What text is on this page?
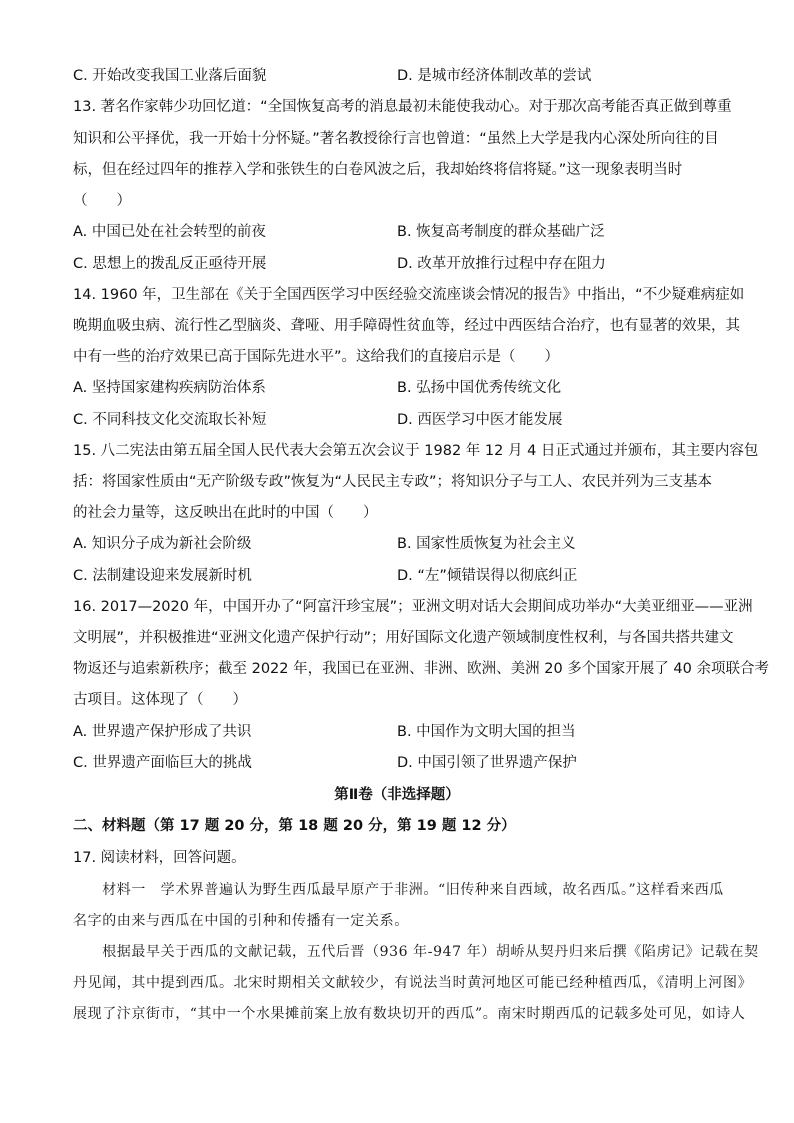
C. 开始改变我国工业落后面貌	D. 是城市经济体制改革的尝试
13. 著名作家韩少功回忆道：“全国恢复高考的消息最初未能使我动心。对于那次高考能否真正做到尊重
知识和公平择优，我一开始十分怀疑。”著名教授徐行言也曾道：“虽然上大学是我内心深处所向往的目
标，但在经过四年的推荐入学和张铁生的白卷风波之后，我却始终将信将疑。”这一现象表明当时
（　　）
A. 中国已处在社会转型的前夜	B. 恢复高考制度的群众基础广泛
C. 思想上的拨乱反正亟待开展	D. 改革开放推行过程中存在阻力
14. 1960 年，卫生部在《关于全国西医学习中医经验交流座谈会情况的报告》中指出，“不少疑难病症如
晚期血吸虫病、流行性乙型脑炎、聋哑、用手障碍性贫血等，经过中西医结合治疗，也有显著的效果，其
中有一些的治疗效果已高于国际先进水平”。这给我们的直接启示是（　　）
A. 坚持国家建构疾病防治体系	B. 弘扬中国优秀传统文化
C. 不同科技文化交流取长补短	D. 西医学习中医才能发展
15. 八二宪法由第五届全国人民代表大会第五次会议于 1982 年 12 月 4 日正式通过并颁布，其主要内容包
括：将国家性质由“无产阶级专政”恢复为“人民民主专政”；将知识分子与工人、农民并列为三支基本
的社会力量等，这反映出在此时的中国（　　）
A. 知识分子成为新社会阶级	B. 国家性质恢复为社会主义
C. 法制建设迎来发展新时机	D. “左”倾错误得以彻底纠正
16. 2017—2020 年，中国开办了“阿富汗珍宝展”；亚洲文明对话大会期间成功举办“大美亚细亚——亚洲
文明展”，并积极推进“亚洲文化遗产保护行动”；用好国际文化遗产领域制度性权利，与各国共搭共建文
物返还与追索新秩序；截至 2022 年，我国已在亚洲、非洲、欧洲、美洲 20 多个国家开展了 40 余项联合考
古项目。这体现了（　　）
A. 世界遗产保护形成了共识	B. 中国作为文明大国的担当
C. 世界遗产面临巨大的挑战	D. 中国引领了世界遗产保护
第Ⅱ卷（非选择题）
二、材料题（第 17 题 20 分，第 18 题 20 分，第 19 题 12 分）
17. 阅读材料，回答问题。
　　材料一　学术界普遍认为野生西瓜最早原产于非洲。“旧传种来自西域，故名西瓜。”这样看来西瓜
名字的由来与西瓜在中国的引种和传播有一定关系。
　　根据最早关于西瓜的文献记载，五代后晋（936 年-947 年）胡峤从契丹归来后撰《陷虏记》记载在契
丹见闻，其中提到西瓜。北宋时期相关文献较少，有说法当时黄河地区可能已经种植西瓜，《清明上河图》
展现了汴京街市，“其中一个水果摊前案上放有数块切开的西瓜”。南宋时期西瓜的记载多处可见，如诗人
